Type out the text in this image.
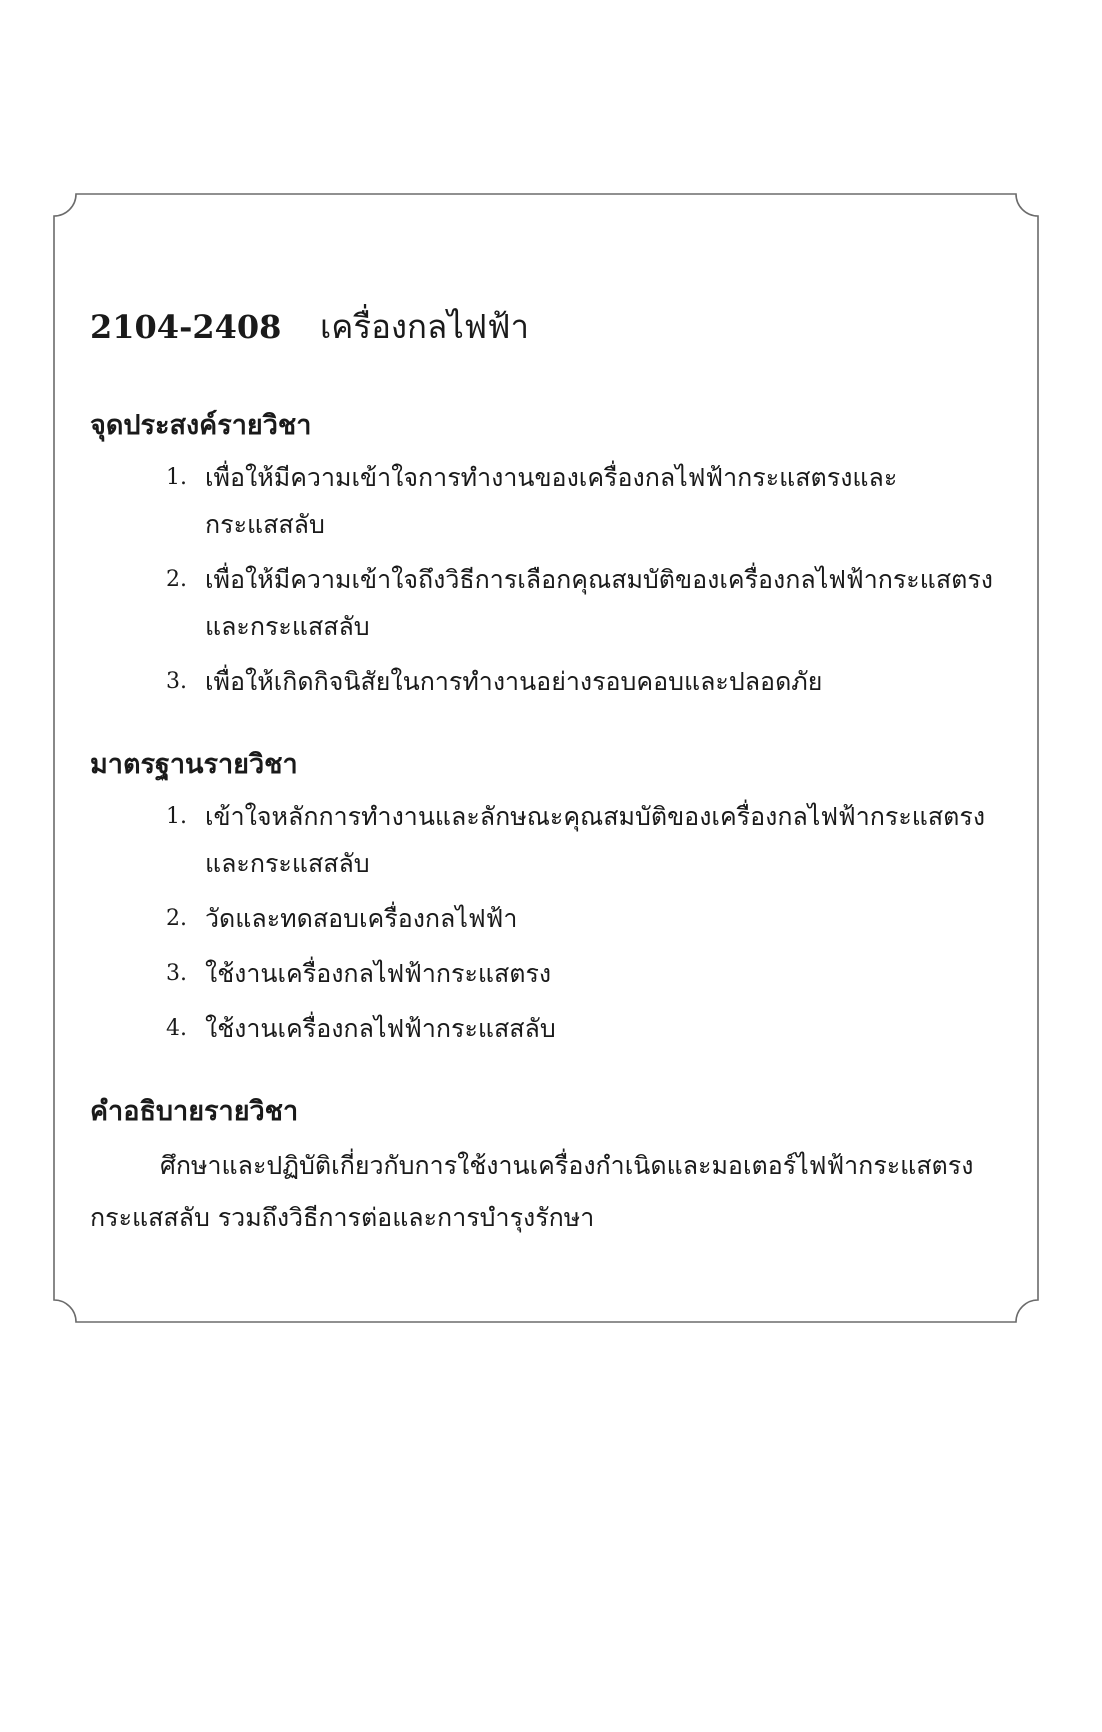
2104-2408	เครื่องกลไฟฟ้า
จุดประสงค์รายวิชา
1. เพื่อให้มีความเข้าใจการทำงานของเครื่องกลไฟฟ้ากระแสตรงและกระแสสลับ
2. เพื่อให้มีความเข้าใจถึงวิธีการเลือกคุณสมบัติของเครื่องกลไฟฟ้ากระแสตรงและกระแสสลับ
3. เพื่อให้เกิดกิจนิสัยในการทำงานอย่างรอบคอบและปลอดภัย
มาตรฐานรายวิชา
1. เข้าใจหลักการทำงานและลักษณะคุณสมบัติของเครื่องกลไฟฟ้ากระแสตรงและกระแสสลับ
2. วัดและทดสอบเครื่องกลไฟฟ้า
3. ใช้งานเครื่องกลไฟฟ้ากระแสตรง
4. ใช้งานเครื่องกลไฟฟ้ากระแสสลับ
คำอธิบายรายวิชา

ศึกษาและปฏิบัติเกี่ยวกับการใช้งานเครื่องกำเนิดและมอเตอร์ไฟฟ้ากระแสตรง กระแสสลับ รวมถึงวิธีการต่อและการบำรุงรักษา
